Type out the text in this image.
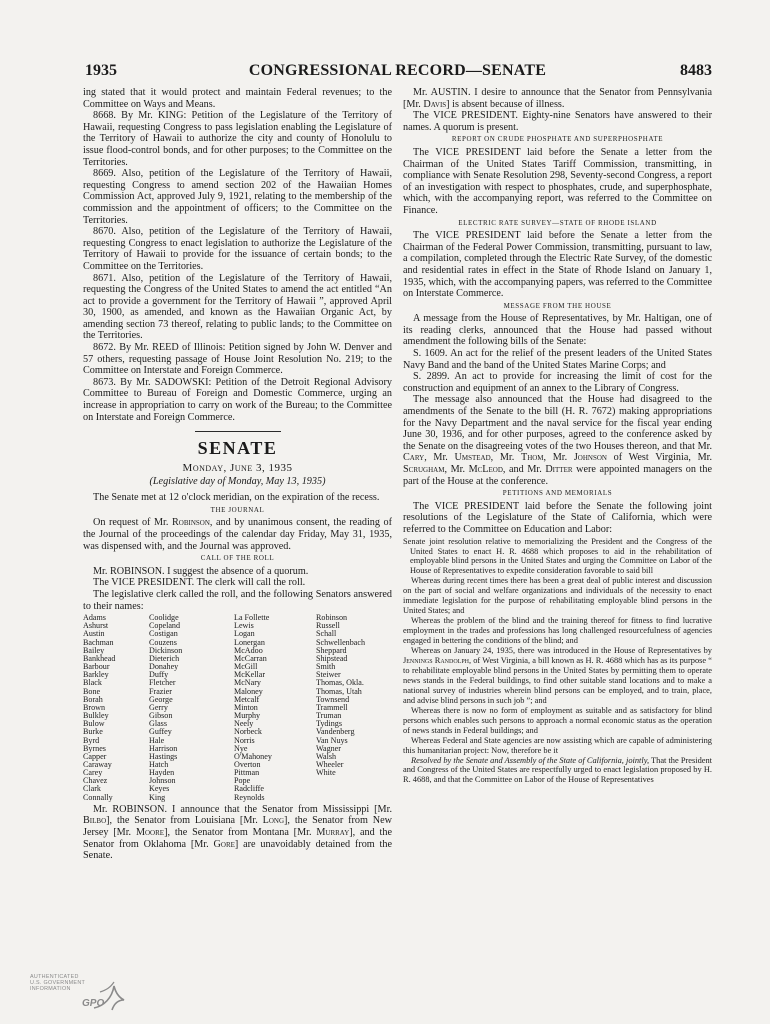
1935	CONGRESSIONAL RECORD—SENATE	8483

ing stated that it would protect and maintain Federal revenues; to the Committee on Ways and Means.

8668. By Mr. KING: Petition of the Legislature of the Territory of Hawaii, requesting Congress to pass legislation enabling the Legislature of the Territory of Hawaii to authorize the city and county of Honolulu to issue flood-control bonds, and for other purposes; to the Committee on the Territories.

8669. Also, petition of the Legislature of the Territory of Hawaii, requesting Congress to amend section 202 of the Hawaiian Homes Commission Act, approved July 9, 1921, relating to the membership of the commission and the appointment of officers; to the Committee on the Territories.

8670. Also, petition of the Legislature of the Territory of Hawaii, requesting Congress to enact legislation to authorize the Legislature of the Territory of Hawaii to provide for the issuance of certain bonds; to the Committee on the Territories.

8671. Also, petition of the Legislature of the Territory of Hawaii, requesting the Congress of the United States to amend the act entitled “An act to provide a government for the Territory of Hawaii ”, approved April 30, 1900, as amended, and known as the Hawaiian Organic Act, by amending section 73 thereof, relating to public lands; to the Committee on the Territories.

8672. By Mr. REED of Illinois: Petition signed by John W. Denver and 57 others, requesting passage of House Joint Resolution No. 219; to the Committee on Interstate and Foreign Commerce.

8673. By Mr. SADOWSKI: Petition of the Detroit Regional Advisory Committee to Bureau of Foreign and Domestic Commerce, urging an increase in appropriation to carry on work of the Bureau; to the Committee on Interstate and Foreign Commerce.

SENATE
Monday, June 3, 1935
(Legislative day of Monday, May 13, 1935)

The Senate met at 12 o'clock meridian, on the expiration of the recess.

THE JOURNAL

On request of Mr. Robinson, and by unanimous consent, the reading of the Journal of the proceedings of the calendar day Friday, May 31, 1935, was dispensed with, and the Journal was approved.

CALL OF THE ROLL

Mr. ROBINSON. I suggest the absence of a quorum.

The VICE PRESIDENT. The clerk will call the roll.

The legislative clerk called the roll, and the following Senators answered to their names:

Adams
Ashurst
Austin
Bachman
Bailey
Bankhead
Barbour
Barkley
Black
Bone
Borah
Brown
Bulkley
Bulow
Burke
Byrd
Byrnes
Capper
Caraway
Carey
Chavez
Clark
Connally
Coolidge
Copeland
Costigan
Couzens
Dickinson
Dieterich
Donahey
Duffy
Fletcher
Frazier
George
Gerry
Gibson
Glass
Guffey
Hale
Harrison
Hastings
Hatch
Hayden
Johnson
Keyes
King
La Follette
Lewis
Logan
Lonergan
McAdoo
McCarran
McGill
McKellar
McNary
Maloney
Metcalf
Minton
Murphy
Neely
Norbeck
Norris
Nye
O'Mahoney
Overton
Pittman
Pope
Radcliffe
Reynolds
Robinson
Russell
Schall
Schwellenbach
Sheppard
Shipstead
Smith
Steiwer
Thomas, Okla.
Thomas, Utah
Townsend
Trammell
Truman
Tydings
Vandenberg
Van Nuys
Wagner
Walsh
Wheeler
White

Mr. ROBINSON. I announce that the Senator from Mississippi [Mr. Bilbo], the Senator from Louisiana [Mr. Long], the Senator from New Jersey [Mr. Moore], the Senator from Montana [Mr. Murray], and the Senator from Oklahoma [Mr. Gore] are unavoidably detained from the Senate.

Mr. AUSTIN. I desire to announce that the Senator from Pennsylvania [Mr. Davis] is absent because of illness.

The VICE PRESIDENT. Eighty-nine Senators have answered to their names. A quorum is present.

REPORT ON CRUDE PHOSPHATE AND SUPERPHOSPHATE

The VICE PRESIDENT laid before the Senate a letter from the Chairman of the United States Tariff Commission, transmitting, in compliance with Senate Resolution 298, Seventy-second Congress, a report of an investigation with respect to phosphates, crude, and superphosphate, which, with the accompanying report, was referred to the Committee on Finance.

ELECTRIC RATE SURVEY—STATE OF RHODE ISLAND

The VICE PRESIDENT laid before the Senate a letter from the Chairman of the Federal Power Commission, transmitting, pursuant to law, a compilation, completed through the Electric Rate Survey, of the domestic and residential rates in effect in the State of Rhode Island on January 1, 1935, which, with the accompanying papers, was referred to the Committee on Interstate Commerce.

MESSAGE FROM THE HOUSE

A message from the House of Representatives, by Mr. Haltigan, one of its reading clerks, announced that the House had passed without amendment the following bills of the Senate:

S. 1609. An act for the relief of the present leaders of the United States Navy Band and the band of the United States Marine Corps; and

S. 2899. An act to provide for increasing the limit of cost for the construction and equipment of an annex to the Library of Congress.

The message also announced that the House had disagreed to the amendments of the Senate to the bill (H. R. 7672) making appropriations for the Navy Department and the naval service for the fiscal year ending June 30, 1936, and for other purposes, agreed to the conference asked by the Senate on the disagreeing votes of the two Houses thereon, and that Mr. Cary, Mr. Umstead, Mr. Thom, Mr. Johnson of West Virginia, Mr. Scrugham, Mr. McLeod, and Mr. Ditter were appointed managers on the part of the House at the conference.

PETITIONS AND MEMORIALS

The VICE PRESIDENT laid before the Senate the following joint resolutions of the Legislature of the State of California, which were referred to the Committee on Education and Labor:

Senate joint resolution relative to memorializing the President and the Congress of the United States to enact H. R. 4688 which proposes to aid in the rehabilitation of employable blind persons in the United States and urging the Committee on Labor of the House of Representatives to expedite consideration favorable to said bill

Whereas during recent times there has been a great deal of public interest and discussion on the part of social and welfare organizations and individuals of the necessity to enact immediate legislation for the purpose of rehabilitating employable blind persons in the United States; and

Whereas the problem of the blind and the training thereof for fitness to find lucrative employment in the trades and professions has long challenged resourcefulness of agencies engaged in bettering the conditions of the blind; and

Whereas on January 24, 1935, there was introduced in the House of Representatives by Jennings Randolph, of West Virginia, a bill known as H. R. 4688 which has as its purpose “ to rehabilitate employable blind persons in the United States by permitting them to operate news stands in the Federal buildings, to find other suitable stand locations and to make a national survey of industries wherein blind persons can be employed, and to train, place, and advise blind persons in such job ”; and

Whereas there is now no form of employment as suitable and as satisfactory for blind persons which enables such persons to approach a normal economic status as the operation of news stands in Federal buildings; and

Whereas Federal and State agencies are now assisting which are capable of administering this humanitarian project: Now, therefore be it

Resolved by the Senate and Assembly of the State of California, jointly, That the President and Congress of the United States are respectfully urged to enact legislation proposed by H. R. 4688, and that the Committee on Labor of the House of Representatives

AUTHENTICATED
U.S. GOVERNMENT
INFORMATION
GPO
